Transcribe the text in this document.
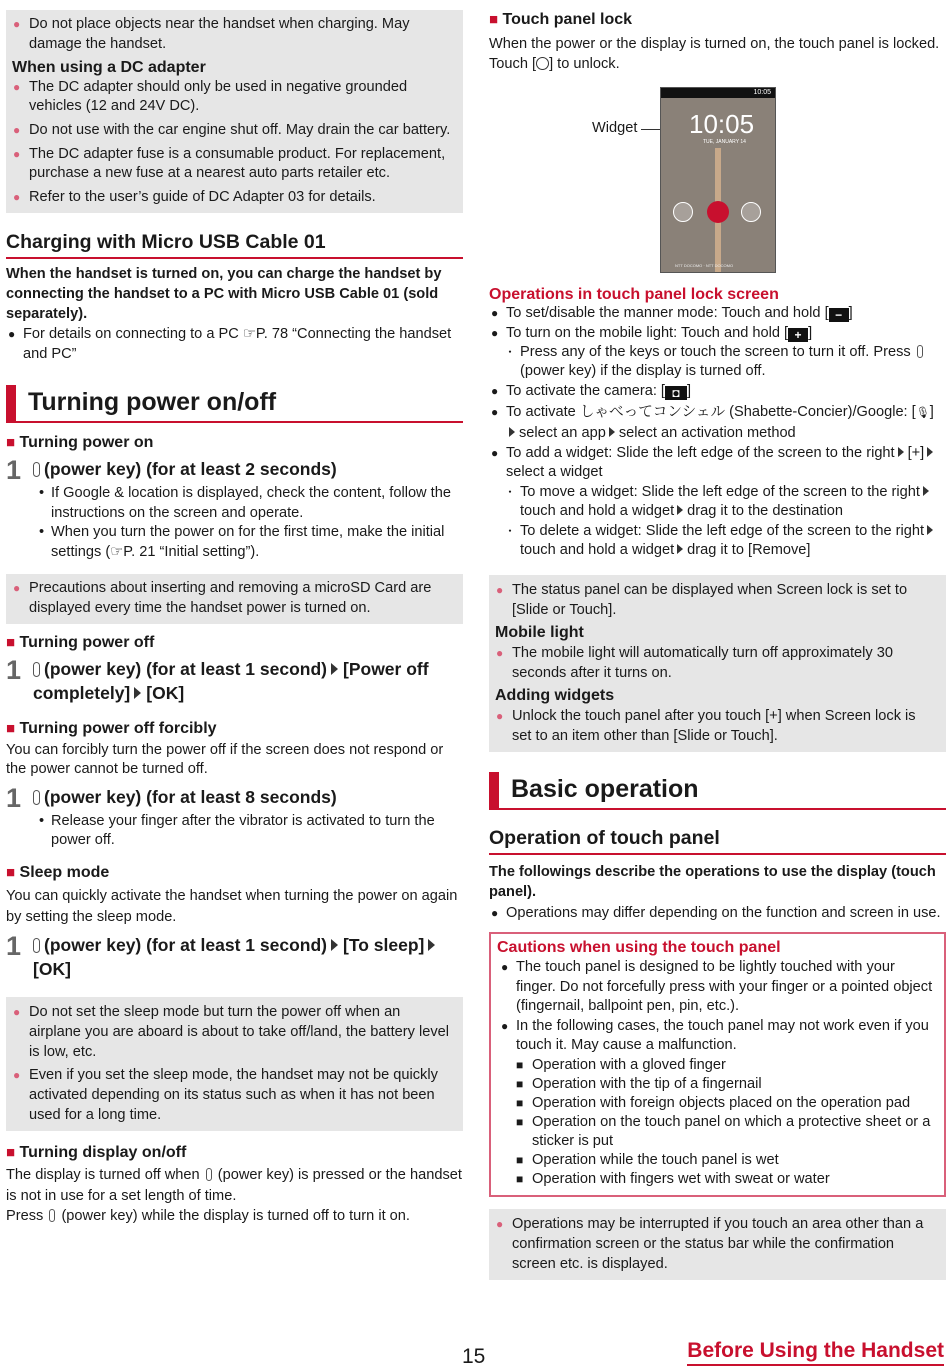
● Do not place objects near the handset when charging. May damage the handset.
When using a DC adapter
● The DC adapter should only be used in negative grounded vehicles (12 and 24V DC).
● Do not use with the car engine shut off. May drain the car battery.
● The DC adapter fuse is a consumable product. For replacement, purchase a new fuse at a nearest auto parts retailer etc.
● Refer to the user’s guide of DC Adapter 03 for details.
Charging with Micro USB Cable 01
When the handset is turned on, you can charge the handset by connecting the handset to a PC with Micro USB Cable 01 (sold separately).
● For details on connecting to a PC ☞P. 78 “Connecting the handset and PC”
Turning power on/off
■ Turning power on
1	(power key) (for at least 2 seconds)
• If Google & location is displayed, check the content, follow the instructions on the screen and operate.
• When you turn the power on for the first time, make the initial settings (☞P. 21 “Initial setting”).
● Precautions about inserting and removing a microSD Card are displayed every time the handset power is turned on.
■ Turning power off
1	(power key) (for at least 1 second) [Power off completely] [OK]
■ Turning power off forcibly
You can forcibly turn the power off if the screen does not respond or the power cannot be turned off.
1	(power key) (for at least 8 seconds)
• Release your finger after the vibrator is activated to turn the power off.
■ Sleep mode
You can quickly activate the handset when turning the power on again by setting the sleep mode.
1	(power key) (for at least 1 second) [To sleep][OK]
● Do not set the sleep mode but turn the power off when an airplane you are aboard is about to take off/land, the battery level is low, etc.
● Even if you set the sleep mode, the handset may not be quickly activated depending on its status such as when it has not been used for a long time.
■ Turning display on/off
The display is turned off when (power key) is pressed or the handset is not in use for a set length of time.
Press (power key) while the display is turned off to turn it on.
■ Touch panel lock
When the power or the display is turned on, the touch panel is locked.
Touch [ ] to unlock.
Widget
10:05
10:05
TUE, JANUARY 14
NTT DOCOMO · NTT DOCOMO
Operations in touch panel lock screen
● To set/disable the manner mode: Touch and hold [ − ]
● To turn on the mobile light: Touch and hold [ + ]
・ Press any of the keys or touch the screen to turn it off. Press (power key) if the display is turned off.
● To activate the camera: [ ◘ ]
● To activate しゃべってコンシェル (Shabette-Concier)/Google: [🎙]select an app select an activation method
● To add a widget: Slide the left edge of the screen to the right [+]select a widget
・ To move a widget: Slide the left edge of the screen to the righttouch and hold a widget drag it to the destination
・ To delete a widget: Slide the left edge of the screen to the righttouch and hold a widget drag it to [Remove]
● The status panel can be displayed when Screen lock is set to [Slide or Touch].
Mobile light
● The mobile light will automatically turn off approximately 30 seconds after it turns on.
Adding widgets
● Unlock the touch panel after you touch [+] when Screen lock is set to an item other than [Slide or Touch].
Basic operation
Operation of touch panel
The followings describe the operations to use the display (touch panel).
● Operations may differ depending on the function and screen in use.
Cautions when using the touch panel
● The touch panel is designed to be lightly touched with your finger. Do not forcefully press with your finger or a pointed object (fingernail, ballpoint pen, pin, etc.).
● In the following cases, the touch panel may not work even if you touch it. May cause a malfunction.
■ Operation with a gloved finger
■ Operation with the tip of a fingernail
■ Operation with foreign objects placed on the operation pad
■ Operation on the touch panel on which a protective sheet or a sticker is put
■ Operation while the touch panel is wet
■ Operation with fingers wet with sweat or water
● Operations may be interrupted if you touch an area other than a confirmation screen or the status bar while the confirmation screen etc. is displayed.
15	Before Using the Handset
